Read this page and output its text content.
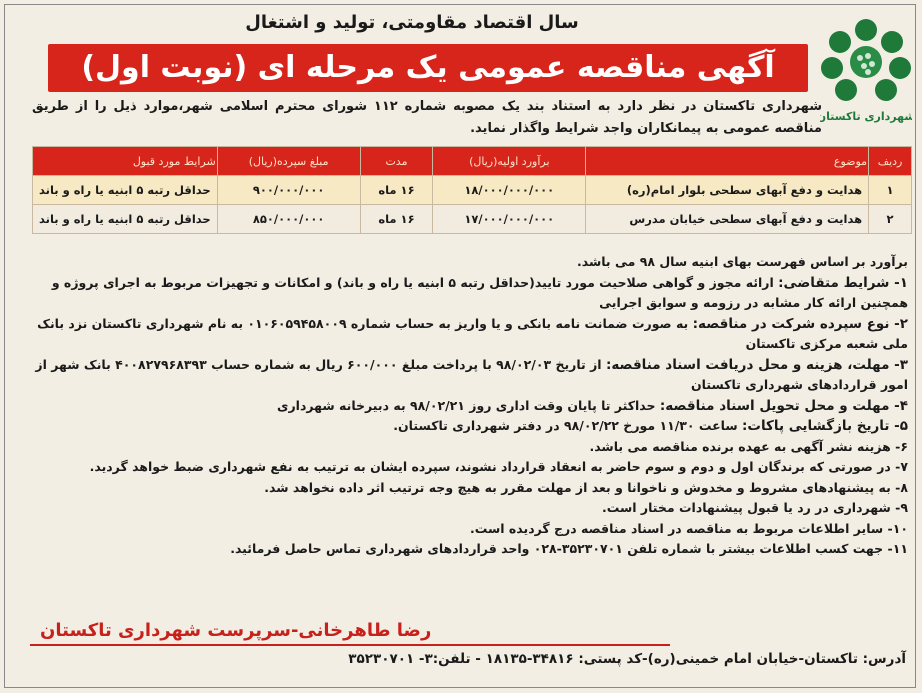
شهرداری تاکستان
سال اقتصاد مقاومتی، تولید و اشتغال
آگهی مناقصه عمومی یک مرحله ای (نوبت اول)
شهرداری تاکستان در نظر دارد به استناد بند یک مصوبه شماره ۱۱۲ شورای محترم اسلامی شهر،موارد ذیل را از طریق مناقصه عمومی به پیمانکاران واجد شرایط واگذار نماید.
ردیف	موضوع	برآورد اولیه(ریال)	مدت	مبلغ سپرده(ریال)	شرایط مورد قبول
۱	هدایت و دفع آبهای سطحی بلوار امام(ره)	۱۸/۰۰۰/۰۰۰/۰۰۰	۱۶ ماه	۹۰۰/۰۰۰/۰۰۰	حداقل رتبه ۵ ابنیه یا راه و باند
۲	هدایت و دفع آبهای سطحی خیابان مدرس	۱۷/۰۰۰/۰۰۰/۰۰۰	۱۶ ماه	۸۵۰/۰۰۰/۰۰۰	حداقل رتبه ۵ ابنیه یا راه و باند

برآورد بر اساس فهرست بهای ابنیه سال ۹۸ می باشد.

۱- شرایط متقاضی: ارائه مجوز و گواهی صلاحیت مورد تایید(حداقل رتبه ۵ ابنیه یا راه و باند) و امکانات و تجهیزات مربوط به اجرای پروژه و همچنین ارائه کار مشابه در رزومه و سوابق اجرایی

۲- نوع سپرده شرکت در مناقصه: به صورت ضمانت نامه بانکی و یا واریز به حساب شماره ۰۱۰۶۰۵۹۴۵۸۰۰۹ به نام شهرداری تاکستان نزد بانک ملی شعبه مرکزی تاکستان

۳- مهلت، هزینه و محل دریافت اسناد مناقصه: از تاریخ ۹۸/۰۲/۰۳ با پرداخت مبلغ ۶۰۰/۰۰۰ ریال به شماره حساب ۴۰۰۸۲۷۹۶۸۳۹۳ بانک شهر از امور قراردادهای شهرداری تاکستان

۴- مهلت و محل تحویل اسناد مناقصه: حداکثر تا پایان وقت اداری روز ۹۸/۰۲/۲۱ به دبیرخانه شهرداری

۵- تاریخ بازگشایی پاکات: ساعت ۱۱/۳۰ مورخ ۹۸/۰۲/۲۲ در دفتر شهرداری تاکستان.

۶- هزینه نشر آگهی به عهده برنده مناقصه می باشد.

۷- در صورتی که برندگان اول و دوم و سوم حاضر به انعقاد قرارداد نشوند، سپرده ایشان به ترتیب به نفع شهرداری ضبط خواهد گردید.

۸- به پیشنهادهای مشروط و مخدوش و ناخوانا و بعد از مهلت مقرر به هیچ وجه ترتیب اثر داده نخواهد شد.

۹- شهرداری در رد یا قبول پیشنهادات مختار است.

۱۰- سایر اطلاعات مربوط به مناقصه در اسناد مناقصه درج گردیده است.

۱۱- جهت کسب اطلاعات بیشتر با شماره تلفن ۳۵۲۳۰۷۰۱-۰۲۸ واحد قراردادهای شهرداری تماس حاصل فرمائید.

رضا طاهرخانی-سرپرست شهرداری تاکستان
آدرس: تاکستان-خیابان امام خمینی(ره)-کد پستی: ۳۴۸۱۶-۱۸۱۳۵ - تلفن:۳- ۳۵۲۳۰۷۰۱
